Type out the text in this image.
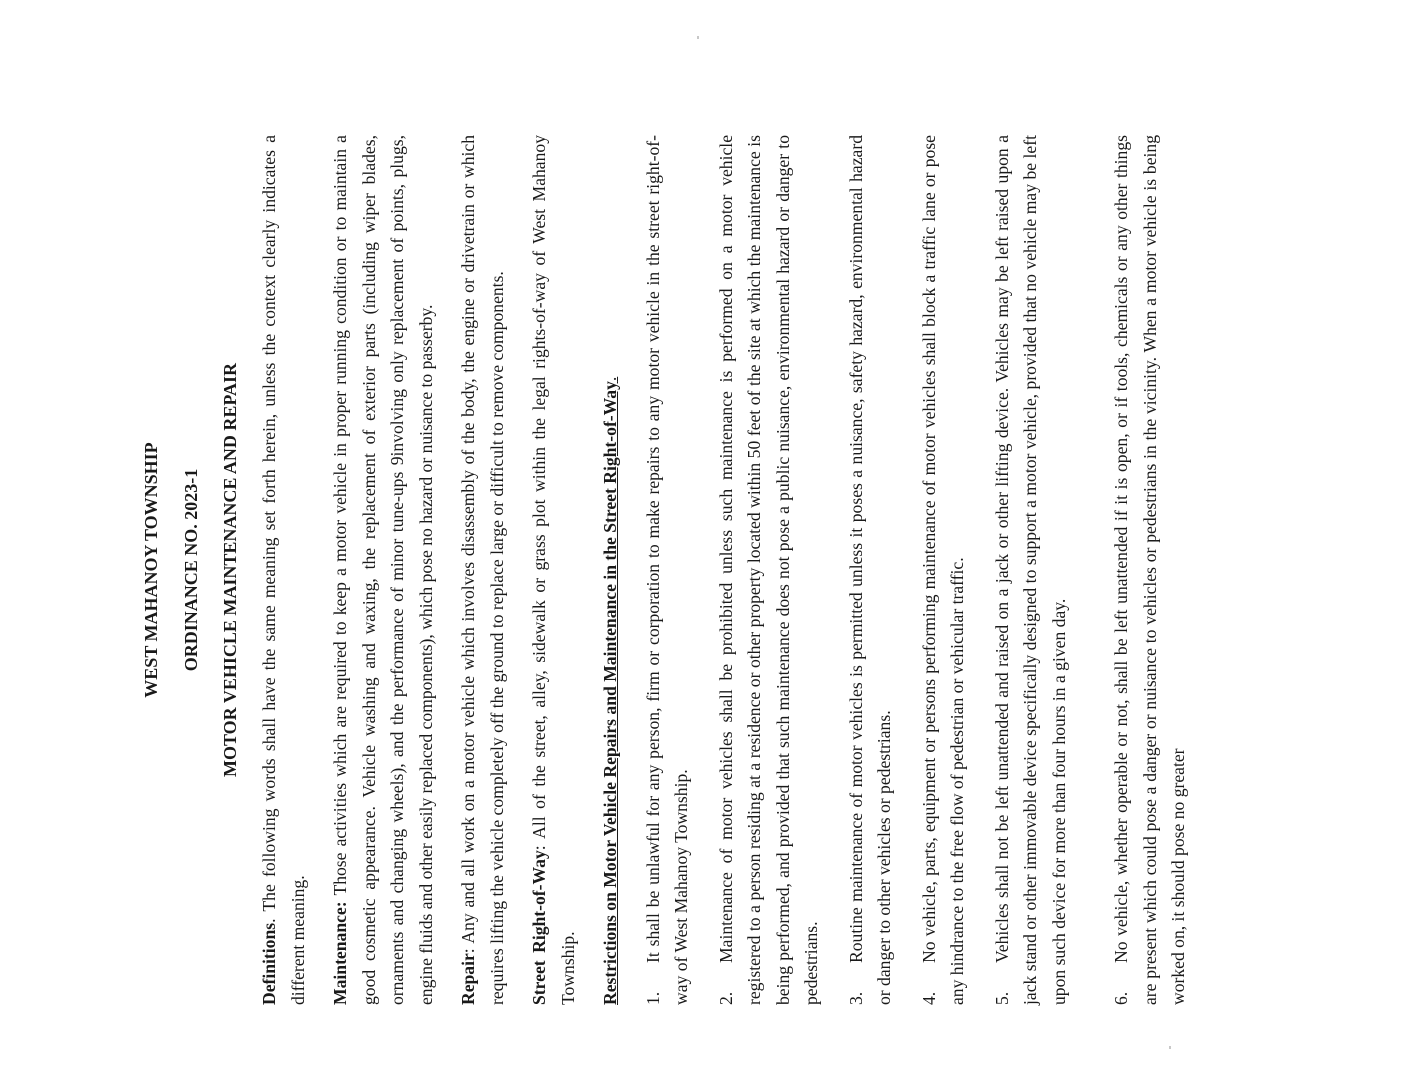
WEST MAHANOY TOWNSHIP ORDINANCE NO. 2023-1 MOTOR VEHICLE MAINTENANCE AND REPAIR

Definitions. The following words shall have the same meaning set forth herein, unless the context clearly indicates a different meaning. Maintenance: Those activities which are required to keep a motor vehicle in proper running condition or to maintain a good cosmetic appearance. Vehicle washing and waxing, the replacement of exterior parts (including wiper blades, ornaments and changing wheels), and the performance of minor tune-ups 9involving only replacement of points, plugs, engine fluids and other easily replaced components), which pose no hazard or nuisance to passerby. Repair: Any and all work on a motor vehicle which involves disassembly of the body, the engine or drivetrain or which requires lifting the vehicle completely off the ground to replace large or difficult to remove components. Street Right-of-Way: All of the street, alley, sidewalk or grass plot within the legal rights-of-way of West Mahanoy Township. Restrictions on Motor Vehicle Repairs and Maintenance in the Street Right-of-Way.
1.It shall be unlawful for any person, firm or corporation to make repairs to any motor vehicle in the street right-of-way of West Mahanoy Township. 2.Maintenance of motor vehicles shall be prohibited unless such maintenance is performed on a motor vehicle registered to a person residing at a residence or other property located within 50 feet of the site at which the maintenance is being performed, and provided that such maintenance does not pose a public nuisance, environmental hazard or danger to pedestrians. 3.Routine maintenance of motor vehicles is permitted unless it poses a nuisance, safety hazard, environmental hazard or danger to other vehicles or pedestrians. 4.No vehicle, parts, equipment or persons performing maintenance of motor vehicles shall block a traffic lane or pose any hindrance to the free flow of pedestrian or vehicular traffic. 5.Vehicles shall not be left unattended and raised on a jack or other lifting device. Vehicles may be left raised upon a jack stand or other immovable device specifically designed to support a motor vehicle, provided that no vehicle may be left upon such device for more than four hours in a given day. 6.No vehicle, whether operable or not, shall be left unattended if it is open, or if tools, chemicals or any other things are present which could pose a danger or nuisance to vehicles or pedestrians in the vicinity. When a motor vehicle is being worked on, it should pose no greater
